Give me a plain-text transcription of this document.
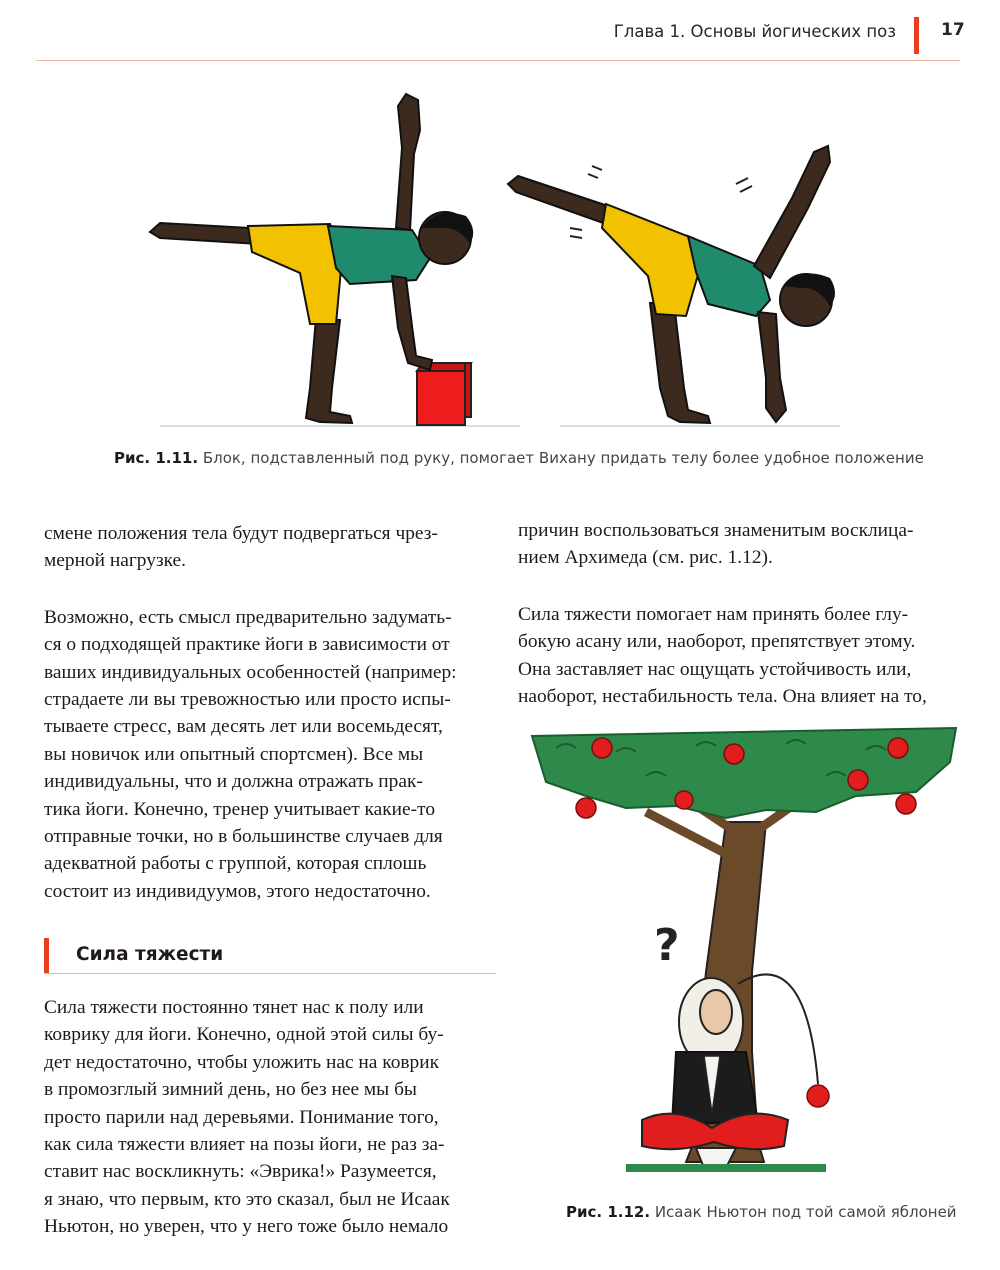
Глава 1. Основы йогических поз	17
Рис. 1.11. Блок, подставленный под руку, помогает Вихану придать телу более удобное положение

смене положения тела будут подвергаться чрез-
мерной нагрузке.

Возможно, есть смысл предварительно задумать-
ся о подходящей практике йоги в зависимости от
ваших индивидуальных особенностей (например:
страдаете ли вы тревожностью или просто испы-
тываете стресс, вам десять лет или восемьдесят,
вы новичок или опытный спортсмен). Все мы
индивидуальны, что и должна отражать прак-
тика йоги. Конечно, тренер учитывает какие-то
отправные точки, но в большинстве случаев для
адекватной работы с группой, которая сплошь
состоит из индивидуумов, этого недостаточно.

Сила тяжести

Сила тяжести постоянно тянет нас к полу или
коврику для йоги. Конечно, одной этой силы бу-
дет недостаточно, чтобы уложить нас на коврик
в промозглый зимний день, но без нее мы бы
просто парили над деревьями. Понимание того,
как сила тяжести влияет на позы йоги, не раз за-
ставит нас воскликнуть: «Эврика!» Разумеется,
я знаю, что первым, кто это сказал, был не Исаак
Ньютон, но уверен, что у него тоже было немало

причин воспользоваться знаменитым восклица-
нием Архимеда (см. рис. 1.12).

Сила тяжести помогает нам принять более глу-
бокую асану или, наоборот, препятствует этому.
Она заставляет нас ощущать устойчивость или,
наоборот, нестабильность тела. Она влияет на то,

?
Рис. 1.12. Исаак Ньютон под той самой яблоней
